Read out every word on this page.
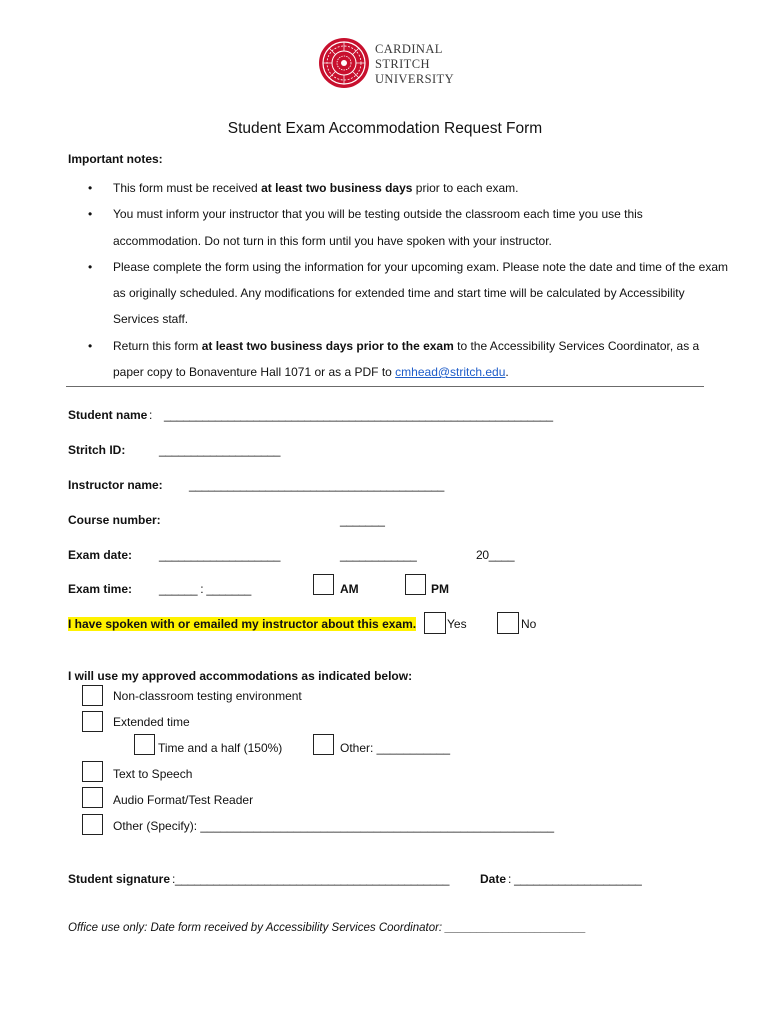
CARDINAL
STRITCH
UNIVERSITY
Student Exam Accommodation Request Form
Important notes:
• This form must be received at least two business days prior to each exam.
• You must inform your instructor that you will be testing outside the classroom each time you use this accommodation. Do not turn in this form until you have spoken with your instructor.
• Please complete the form using the information for your upcoming exam. Please note the date and time of the exam as originally scheduled. Any modifications for extended time and start time will be calculated by Accessibility Services staff.
• Return this form at least two business days prior to the exam to the Accessibility Services Coordinator, as a paper copy to Bonaventure Hall 1071 or as a PDF to cmhead@stritch.edu.
Student name : _____________________________________________________________
Stritch ID:	___________________
Instructor name: ________________________________________
Course number:	_______
Exam date: ___________________	____________	20____
Exam time: ______ : _______	AM	PM
I have spoken with or emailed my instructor about this exam.	Yes	No
I will use my approved accommodations as indicated below:
Non-classroom testing environment
Extended time
Time and a half (150%)	Other: ___________
Text to Speech
Audio Format/Test Reader
Other (Specify): _____________________________________________________
Student signature : ___________________________________________	Date : ____________________
Office use only: Date form received by Accessibility Services Coordinator: ______________________
